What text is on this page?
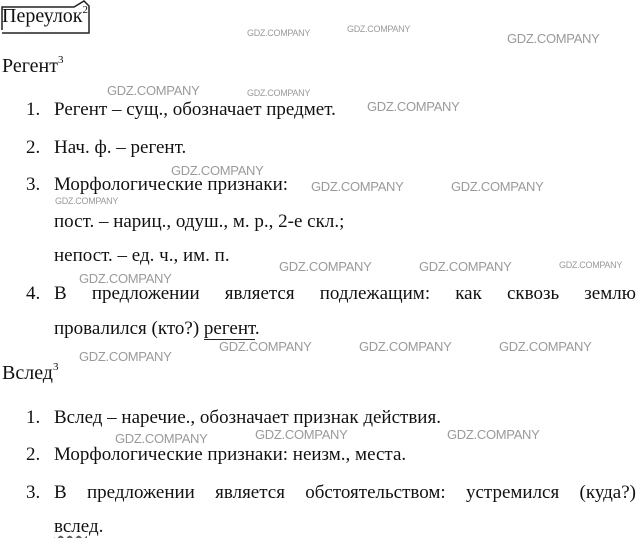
Переулок$^2$
Регент$^3$
1. Регент – сущ., обозначает предмет.
2. Нач. ф. – регент.
3. Морфологические признаки:
пост. – нариц., одуш., м. р., 2-е скл.;
непост. – ед. ч., им. п.
4. В предложении является подлежащим: как сквозь землю
провалился (кто?) регент.
Вслед$^3$
1. Вслед – наречие., обозначает признак действия.
2. Морфологические признаки: неизм., места.
3. В предложении является обстоятельством: устремился (куда?)
вслед.
GDZ.COMPANY	GDZ.COMPANY
GDZ.COMPANY
GDZ.COMPANY	GDZ.COMPANY
GDZ.COMPANY
GDZ.COMPANY
GDZ.COMPANY	GDZ.COMPANY
GDZ.COMPANY
GDZ.COMPANY	GDZ.COMPANY	GDZ.COMPANY
GDZ.COMPANY
GDZ.COMPANY	GDZ.COMPANY	GDZ.COMPANY
GDZ.COMPANY
GDZ.COMPANY	GDZ.COMPANY	GDZ.COMPANY
